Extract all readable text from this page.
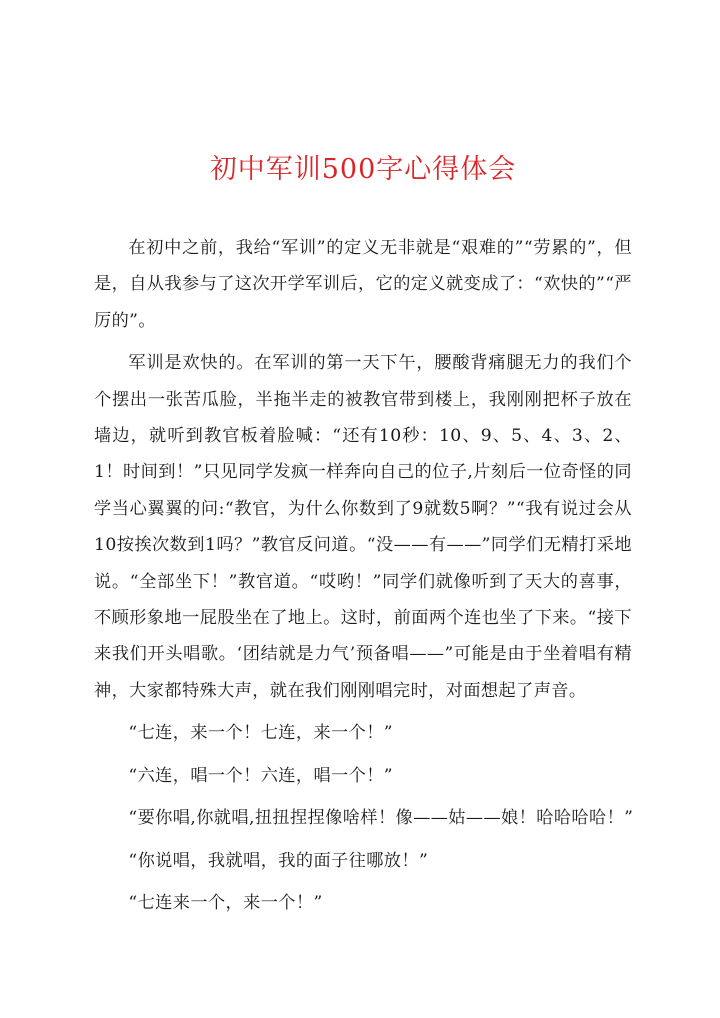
初中军训500字心得体会

在初中之前，我给“军训”的定义无非就是“艰难的”“劳累的”，但是，自从我参与了这次开学军训后，它的定义就变成了：“欢快的”“严厉的”。

军训是欢快的。在军训的第一天下午，腰酸背痛腿无力的我们个个摆出一张苦瓜脸，半拖半走的被教官带到楼上，我刚刚把杯子放在墙边，就听到教官板着脸喊：“还有10秒：10、9、5、4、3、2、1！时间到！”只见同学发疯一样奔向自己的位子,片刻后一位奇怪的同学当心翼翼的问:“教官，为什么你数到了9就数5啊？”“我有说过会从10按挨次数到1吗？”教官反问道。“没——有——”同学们无精打采地说。“全部坐下！”教官道。“哎哟！”同学们就像听到了天大的喜事，不顾形象地一屁股坐在了地上。这时，前面两个连也坐了下来。“接下来我们开头唱歌。‘团结就是力气’预备唱——”可能是由于坐着唱有精神，大家都特殊大声，就在我们刚刚唱完时，对面想起了声音。

“七连，来一个！七连，来一个！”

“六连，唱一个！六连，唱一个！”

“要你唱,你就唱,扭扭捏捏像啥样！像——姑——娘！哈哈哈哈！”

“你说唱，我就唱，我的面子往哪放！”

“七连来一个，来一个！”
